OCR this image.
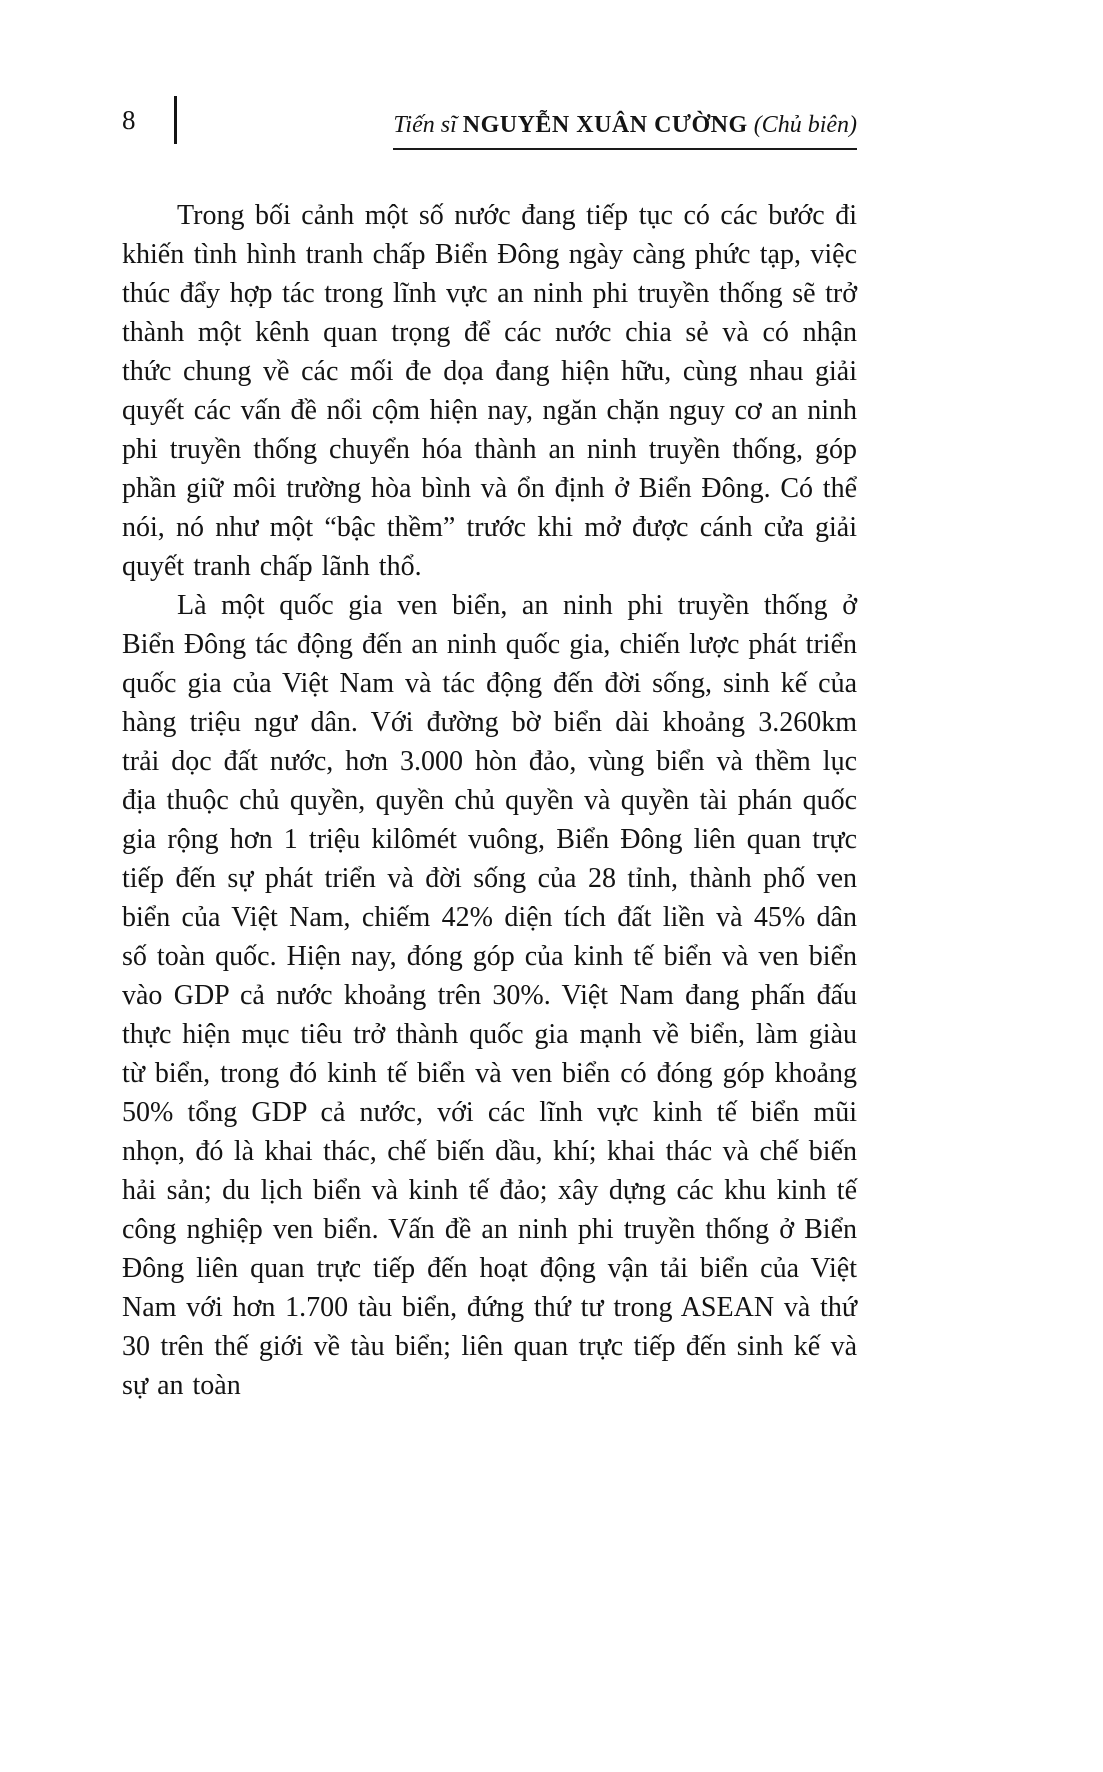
8	Tiến sĩ NGUYỄN XUÂN CƯỜNG (Chủ biên)

Trong bối cảnh một số nước đang tiếp tục có các bước đi khiến tình hình tranh chấp Biển Đông ngày càng phức tạp, việc thúc đẩy hợp tác trong lĩnh vực an ninh phi truyền thống sẽ trở thành một kênh quan trọng để các nước chia sẻ và có nhận thức chung về các mối đe dọa đang hiện hữu, cùng nhau giải quyết các vấn đề nổi cộm hiện nay, ngăn chặn nguy cơ an ninh phi truyền thống chuyển hóa thành an ninh truyền thống, góp phần giữ môi trường hòa bình và ổn định ở Biển Đông. Có thể nói, nó như một “bậc thềm” trước khi mở được cánh cửa giải quyết tranh chấp lãnh thổ.

Là một quốc gia ven biển, an ninh phi truyền thống ở Biển Đông tác động đến an ninh quốc gia, chiến lược phát triển quốc gia của Việt Nam và tác động đến đời sống, sinh kế của hàng triệu ngư dân. Với đường bờ biển dài khoảng 3.260km trải dọc đất nước, hơn 3.000 hòn đảo, vùng biển và thềm lục địa thuộc chủ quyền, quyền chủ quyền và quyền tài phán quốc gia rộng hơn 1 triệu kilômét vuông, Biển Đông liên quan trực tiếp đến sự phát triển và đời sống của 28 tỉnh, thành phố ven biển của Việt Nam, chiếm 42% diện tích đất liền và 45% dân số toàn quốc. Hiện nay, đóng góp của kinh tế biển và ven biển vào GDP cả nước khoảng trên 30%. Việt Nam đang phấn đấu thực hiện mục tiêu trở thành quốc gia mạnh về biển, làm giàu từ biển, trong đó kinh tế biển và ven biển có đóng góp khoảng 50% tổng GDP cả nước, với các lĩnh vực kinh tế biển mũi nhọn, đó là khai thác, chế biến dầu, khí; khai thác và chế biến hải sản; du lịch biển và kinh tế đảo; xây dựng các khu kinh tế công nghiệp ven biển. Vấn đề an ninh phi truyền thống ở Biển Đông liên quan trực tiếp đến hoạt động vận tải biển của Việt Nam với hơn 1.700 tàu biển, đứng thứ tư trong ASEAN và thứ 30 trên thế giới về tàu biển; liên quan trực tiếp đến sinh kế và sự an toàn
